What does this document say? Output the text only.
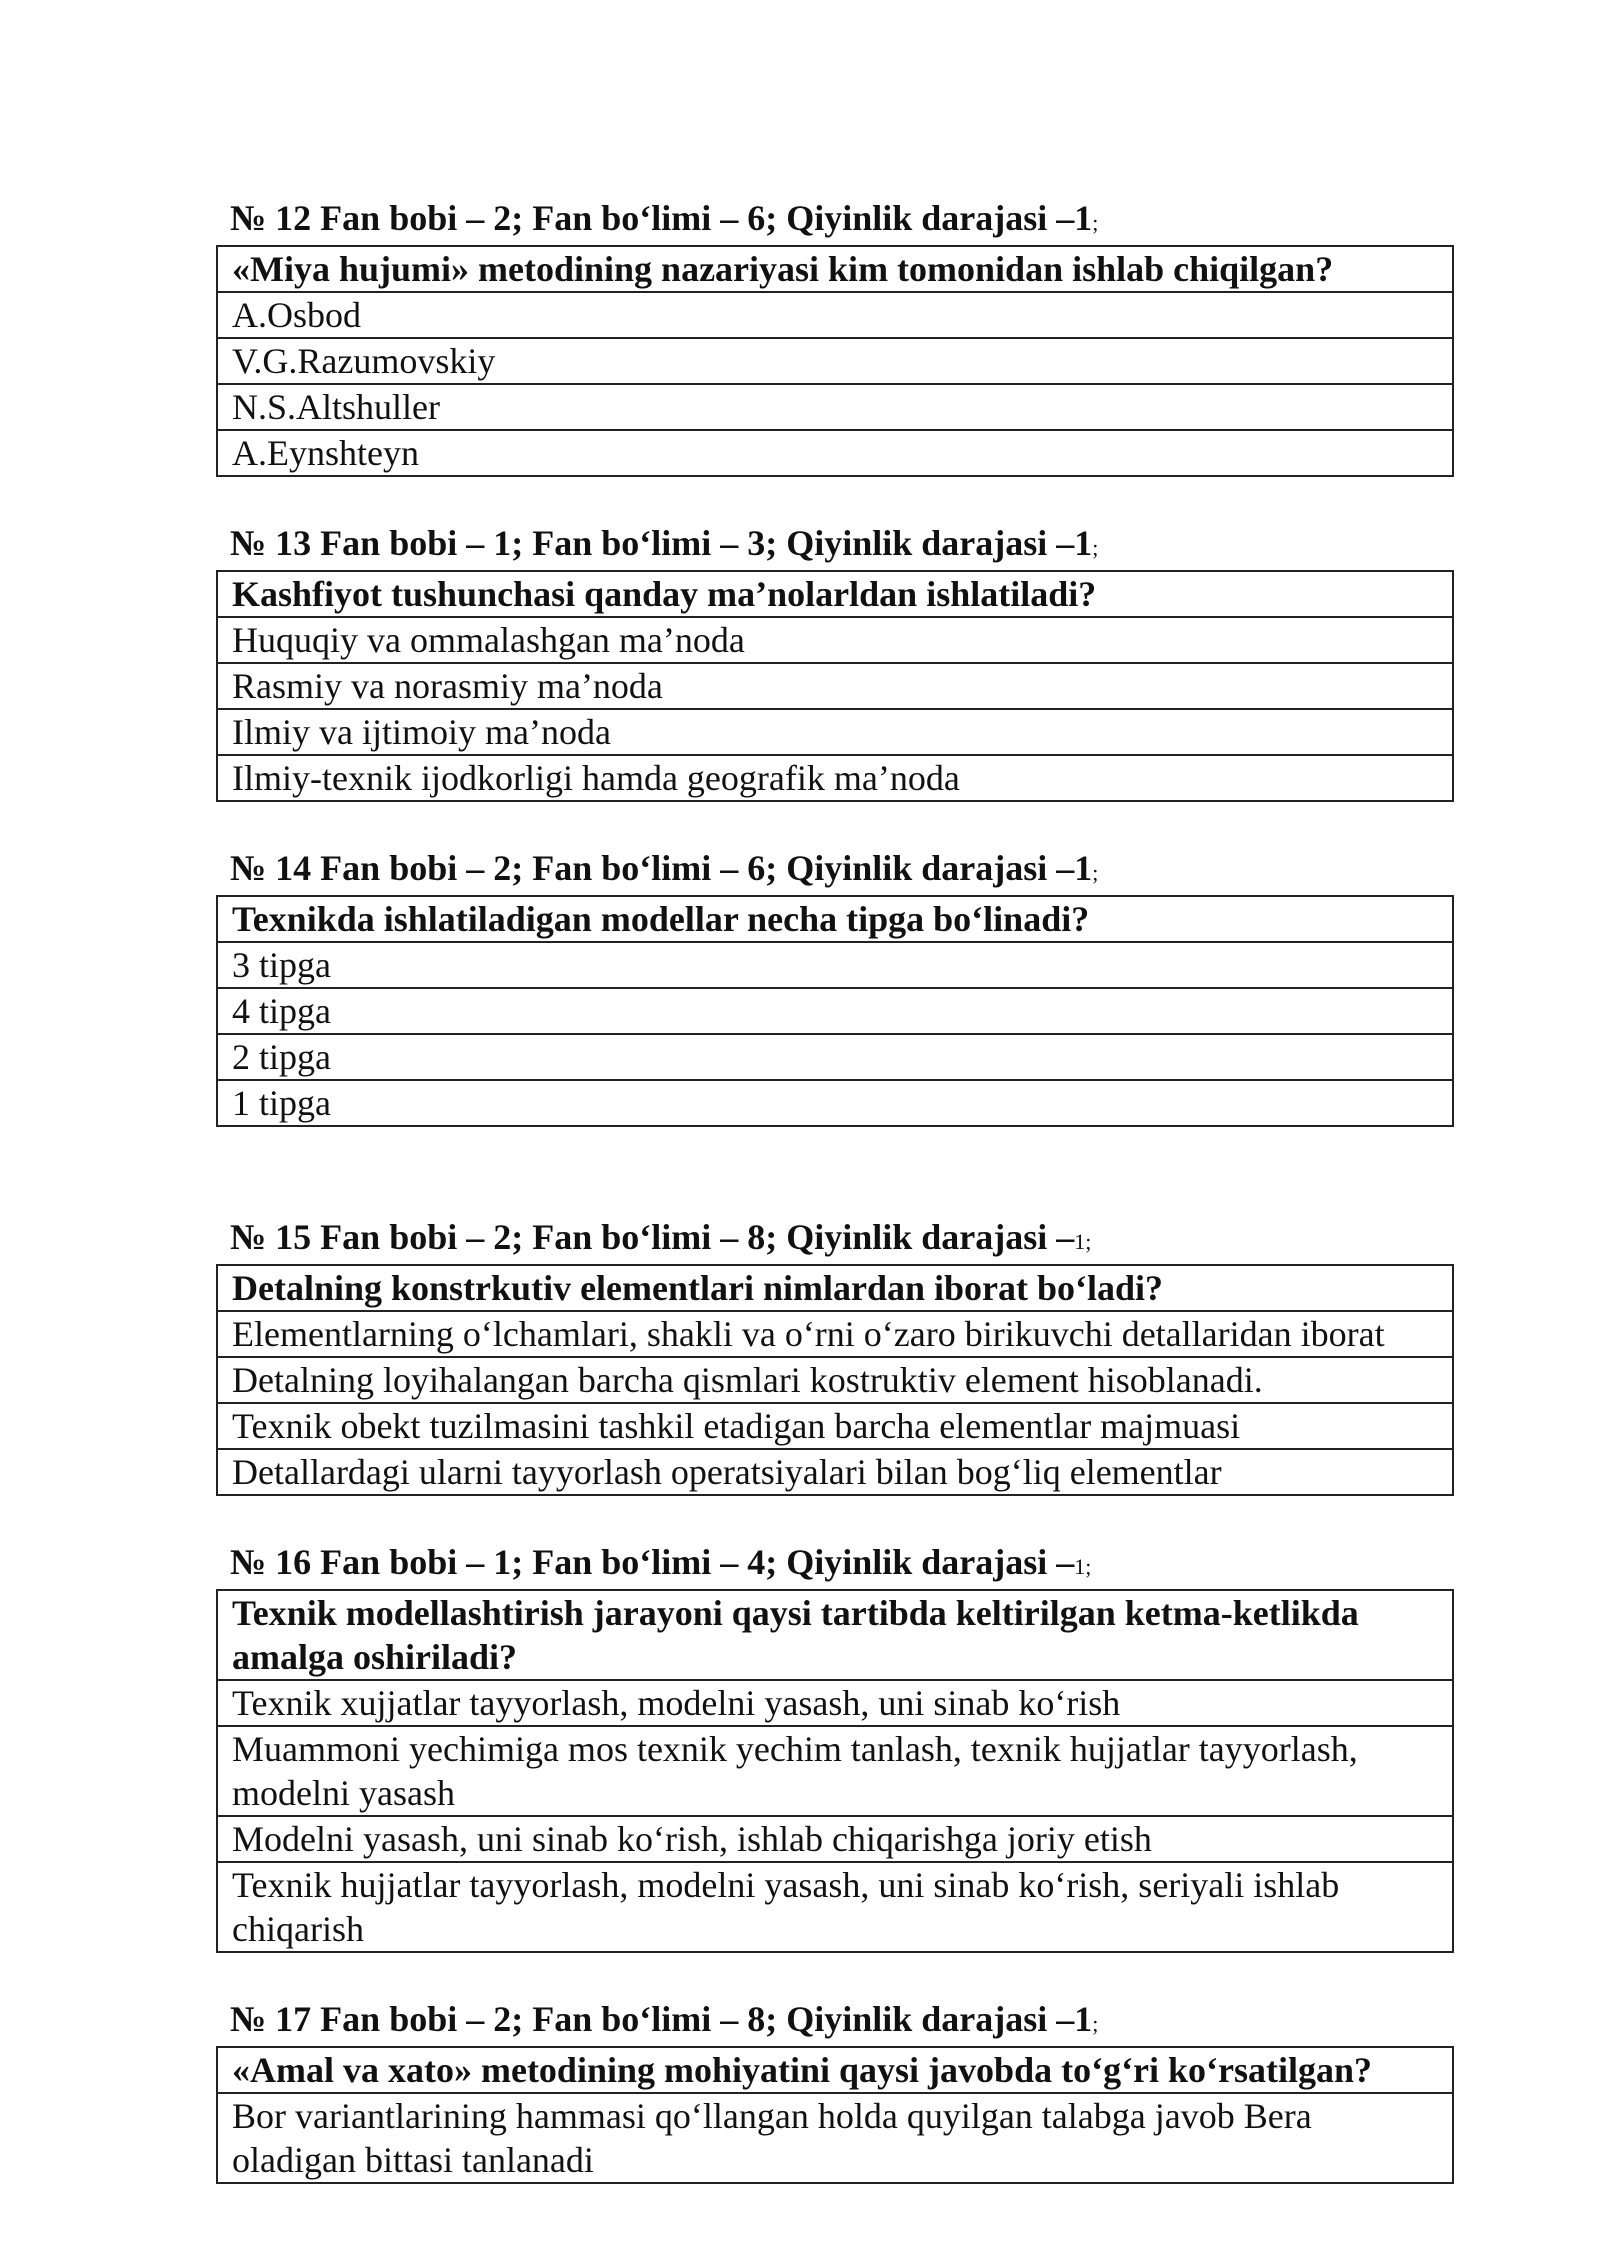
№ 12 Fan bobi – 2; Fan bo‘limi – 6; Qiyinlik darajasi –1;
«Miya hujumi» metodining nazariyasi kim tomonidan ishlab chiqilgan?
A.Osbod
V.G.Razumovskiy
N.S.Altshuller
A.Eynshteyn
№ 13 Fan bobi – 1; Fan bo‘limi – 3; Qiyinlik darajasi –1;
Kashfiyot tushunchasi qanday ma’nolarldan ishlatiladi?
Huquqiy va ommalashgan ma’noda
Rasmiy va norasmiy ma’noda
Ilmiy va ijtimoiy ma’noda
Ilmiy-texnik ijodkorligi hamda geografik ma’noda
№ 14 Fan bobi – 2; Fan bo‘limi – 6; Qiyinlik darajasi –1;
Texnikda ishlatiladigan modellar necha tipga bo‘linadi?
3 tipga
4 tipga
2 tipga
1 tipga
№ 15 Fan bobi – 2; Fan bo‘limi – 8; Qiyinlik darajasi –1;
Detalning konstrkutiv elementlari nimlardan iborat bo‘ladi?
Elementlarning o‘lchamlari, shakli va o‘rni o‘zaro birikuvchi detallaridan iborat
Detalning loyihalangan barcha qismlari kostruktiv element hisoblanadi.
Texnik obekt tuzilmasini tashkil etadigan barcha elementlar majmuasi
Detallardagi ularni tayyorlash operatsiyalari bilan bog‘liq elementlar
№ 16 Fan bobi – 1; Fan bo‘limi – 4; Qiyinlik darajasi –1;
Texnik modellashtirish jarayoni qaysi tartibda keltirilgan ketma-ketlikda amalga oshiriladi?
Texnik xujjatlar tayyorlash, modelni yasash, uni sinab ko‘rish
Muammoni yechimiga mos texnik yechim tanlash, texnik hujjatlar tayyorlash, modelni yasash
Modelni yasash, uni sinab ko‘rish, ishlab chiqarishga joriy etish
Texnik hujjatlar tayyorlash, modelni yasash, uni sinab ko‘rish, seriyali ishlab chiqarish
№ 17 Fan bobi – 2; Fan bo‘limi – 8; Qiyinlik darajasi –1;
«Amal va xato» metodining mohiyatini qaysi javobda to‘g‘ri ko‘rsatilgan?
Bor variantlarining hammasi qo‘llangan holda quyilgan talabga javob Bera oladigan bittasi tanlanadi
